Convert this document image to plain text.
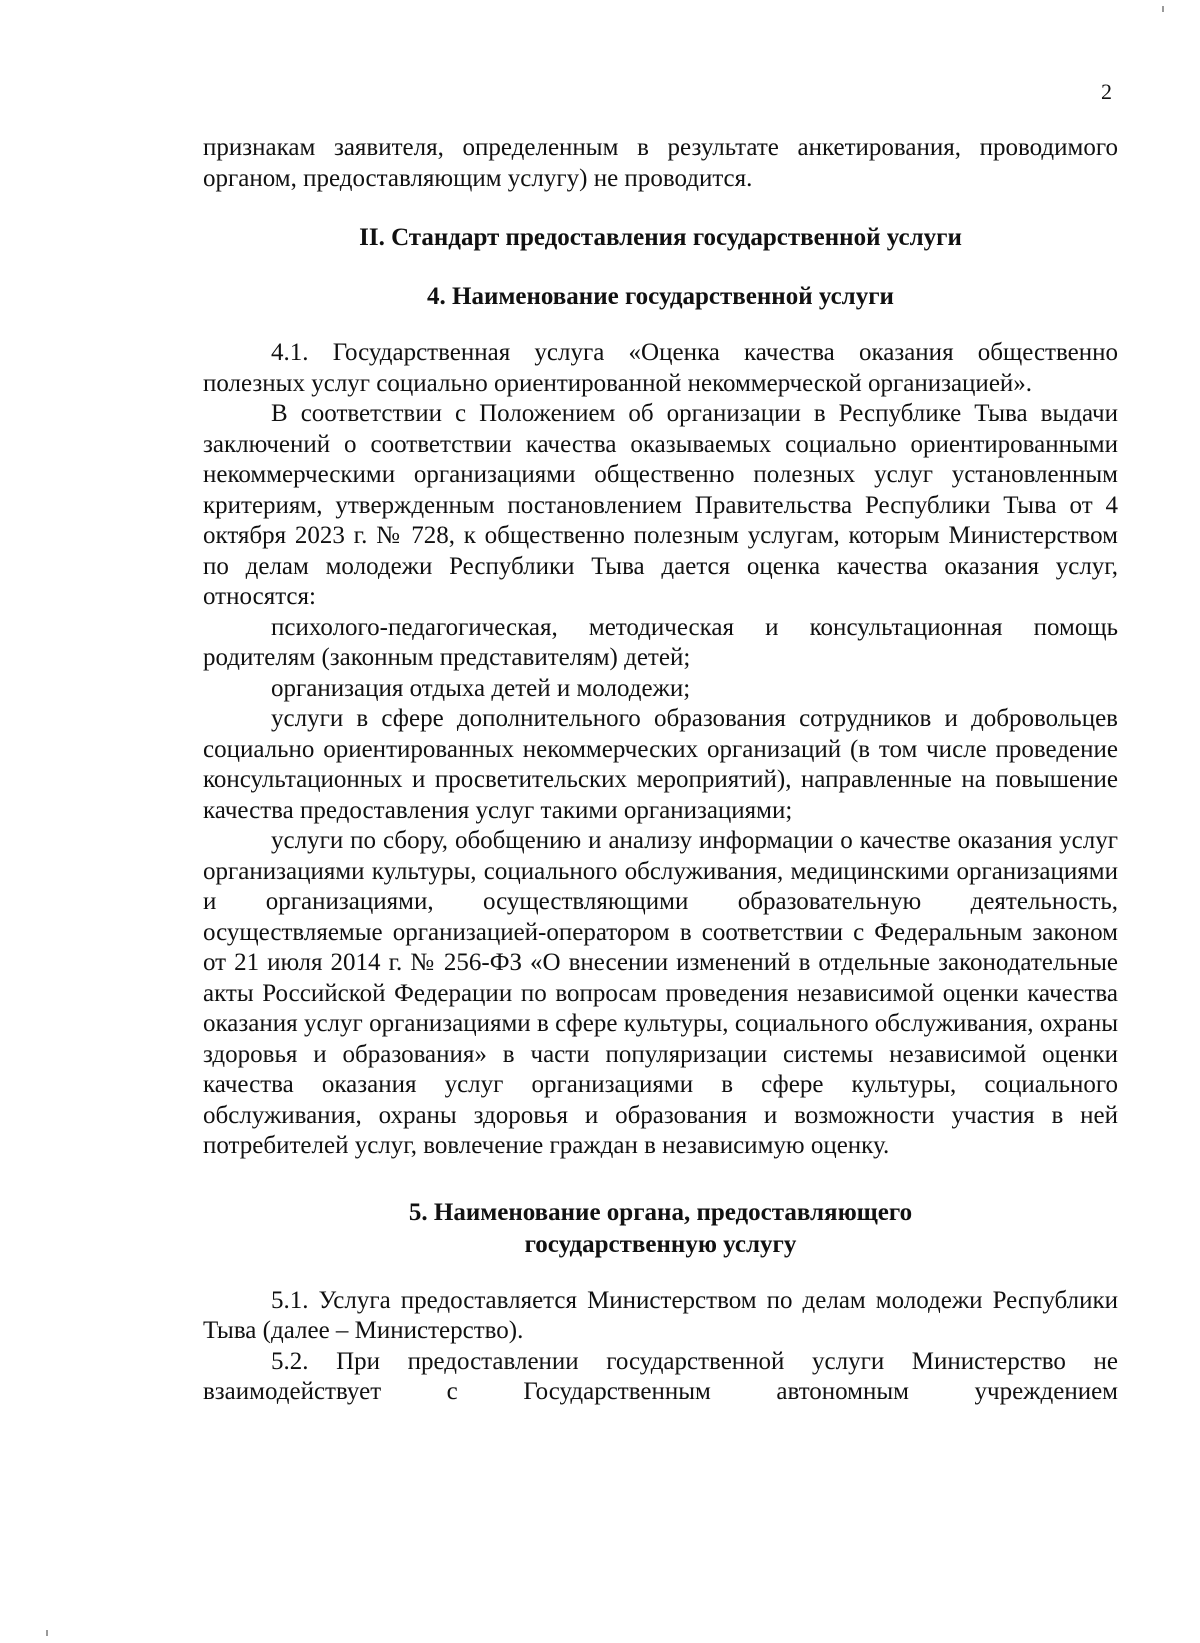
2

признакам заявителя, определенным в результате анкетирования, проводимого органом, предоставляющим услугу) не проводится.

II. Стандарт предоставления государственной услуги

4. Наименование государственной услуги

4.1. Государственная услуга «Оценка качества оказания общественно полезных услуг социально ориентированной некоммерческой организацией».

В соответствии с Положением об организации в Республике Тыва выдачи заключений о соответствии качества оказываемых социально ориентированными некоммерческими организациями общественно полезных услуг установленным критериям, утвержденным постановлением Правительства Республики Тыва от 4 октября 2023 г. № 728, к общественно полезным услугам, которым Министерством по делам молодежи Республики Тыва дается оценка качества оказания услуг, относятся:

психолого-педагогическая, методическая и консультационная помощь родителям (законным представителям) детей;

организация отдыха детей и молодежи;

услуги в сфере дополнительного образования сотрудников и добровольцев социально ориентированных некоммерческих организаций (в том числе проведение консультационных и просветительских мероприятий), направленные на повышение качества предоставления услуг такими организациями;

услуги по сбору, обобщению и анализу информации о качестве оказания услуг организациями культуры, социального обслуживания, медицинскими организациями и организациями, осуществляющими образовательную деятельность, осуществляемые организацией-оператором в соответствии с Федеральным законом от 21 июля 2014 г. № 256-ФЗ «О внесении изменений в отдельные законодательные акты Российской Федерации по вопросам проведения независимой оценки качества оказания услуг организациями в сфере культуры, социального обслуживания, охраны здоровья и образования» в части популяризации системы независимой оценки качества оказания услуг организациями в сфере культуры, социального обслуживания, охраны здоровья и образования и возможности участия в ней потребителей услуг, вовлечение граждан в независимую оценку.

5. Наименование органа, предоставляющего
государственную услугу

5.1. Услуга предоставляется Министерством по делам молодежи Республики Тыва (далее – Министерство).

5.2. При предоставлении государственной услуги Министерство не взаимодействует с Государственным автономным учреждением
